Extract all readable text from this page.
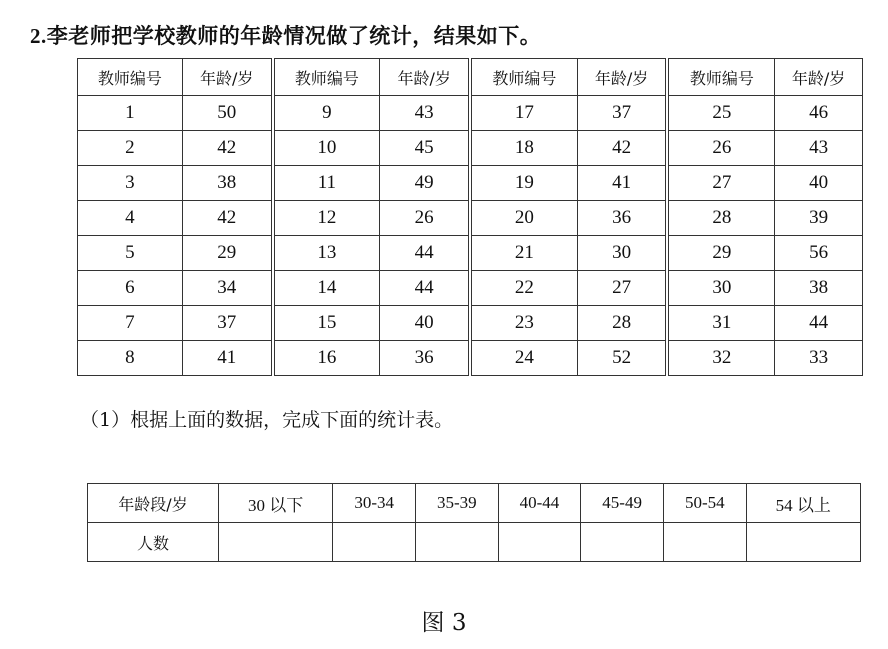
2.李老师把学校教师的年龄情况做了统计，结果如下。
教师编号	年龄/岁	教师编号	年龄/岁	教师编号	年龄/岁	教师编号	年龄/岁
1	50	9	43	17	37	25	46
2	42	10	45	18	42	26	43
3	38	11	49	19	41	27	40
4	42	12	26	20	36	28	39
5	29	13	44	21	30	29	56
6	34	14	44	22	27	30	38
7	37	15	40	23	28	31	44
8	41	16	36	24	52	32	33
（1）根据上面的数据，完成下面的统计表。
年龄段/岁	30 以下	30-34	35-39	40-44	45-49	50-54	54 以上
人数							
图 3
